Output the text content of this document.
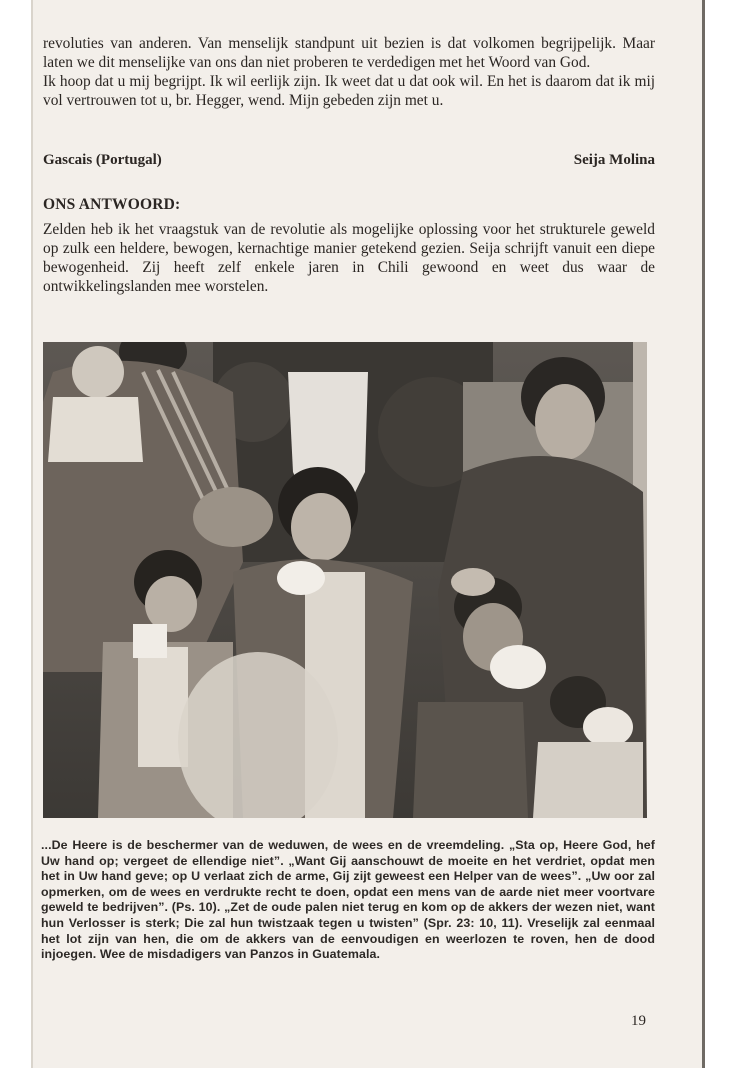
revoluties van anderen. Van menselijk standpunt uit bezien is dat volkomen begrijpelijk. Maar laten we dit menselijke van ons dan niet proberen te verdedigen met het Woord van God.

Ik hoop dat u mij begrijpt. Ik wil eerlijk zijn. Ik weet dat u dat ook wil. En het is daarom dat ik mij vol vertrouwen tot u, br. Hegger, wend. Mijn gebeden zijn met u.

Gascais (Portugal)	Seija Molina
ONS ANTWOORD:

Zelden heb ik het vraagstuk van de revolutie als mogelijke oplossing voor het strukturele geweld op zulk een heldere, bewogen, kernachtige manier getekend gezien. Seija schrijft vanuit een diepe bewogenheid. Zij heeft zelf enkele jaren in Chili gewoond en weet dus waar de ontwikkelingslanden mee worstelen.

...De Heere is de beschermer van de weduwen, de wees en de vreemdeling. „Sta op, Heere God, hef Uw hand op; vergeet de ellendige niet”. „Want Gij aanschouwt de moeite en het verdriet, opdat men het in Uw hand geve; op U verlaat zich de arme, Gij zijt geweest een Helper van de wees”. „Uw oor zal opmerken, om de wees en verdrukte recht te doen, opdat een mens van de aarde niet meer voortvare geweld te bedrijven”. (Ps. 10). „Zet de oude palen niet terug en kom op de akkers der wezen niet, want hun Verlosser is sterk; Die zal hun twistzaak tegen u twisten” (Spr. 23: 10, 11). Vreselijk zal eenmaal het lot zijn van hen, die om de akkers van de eenvoudigen en weerlozen te roven, hen de dood injoegen. Wee de misdadigers van Panzos in Guatemala.
19
